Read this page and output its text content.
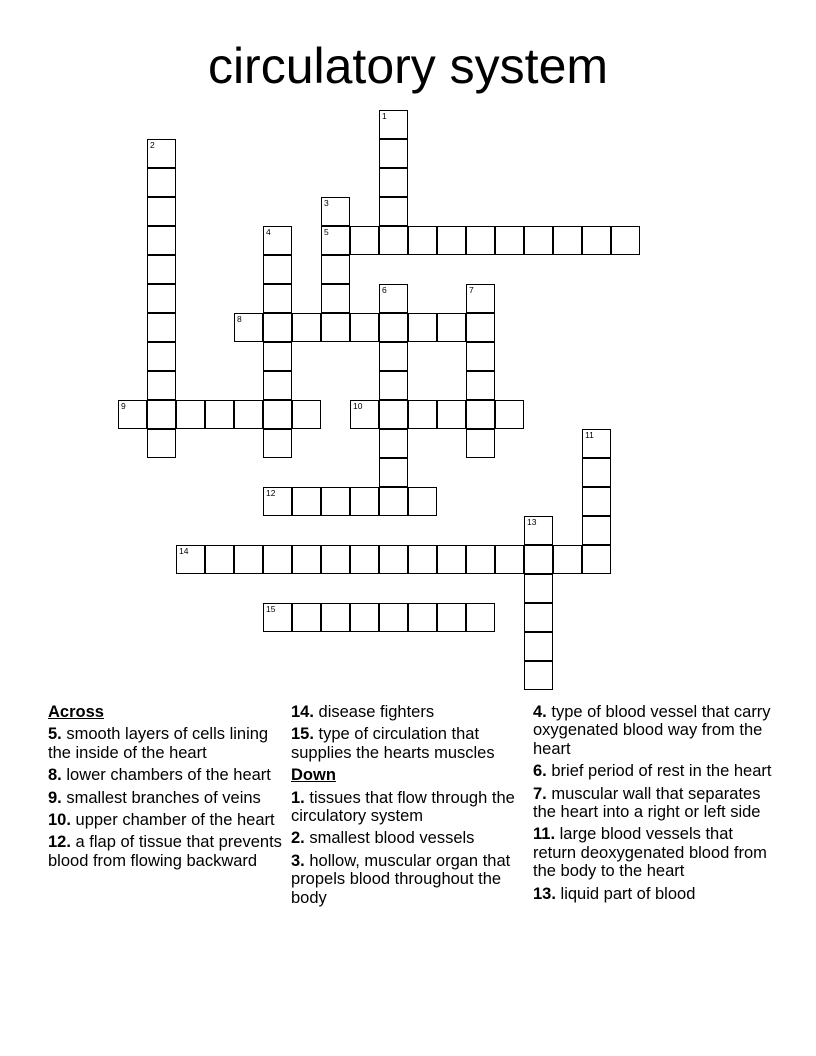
circulatory system
1
2
3
5
4
6	7
8
9	10
11
12
13
14
15
Across
5. smooth layers of cells lining the inside of the heart
8. lower chambers of the heart
9. smallest branches of veins
10. upper chamber of the heart
12. a flap of tissue that prevents blood from flowing backward
14. disease fighters
15. type of circulation that supplies the hearts muscles
Down
1. tissues that flow through the circulatory system
2. smallest blood vessels
3. hollow, muscular organ that propels blood throughout the body
4. type of blood vessel that carry oxygenated blood way from the heart
6. brief period of rest in the heart
7. muscular wall that separates the heart into a right or left side
11. large blood vessels that return deoxygenated blood from the body to the heart
13. liquid part of blood
